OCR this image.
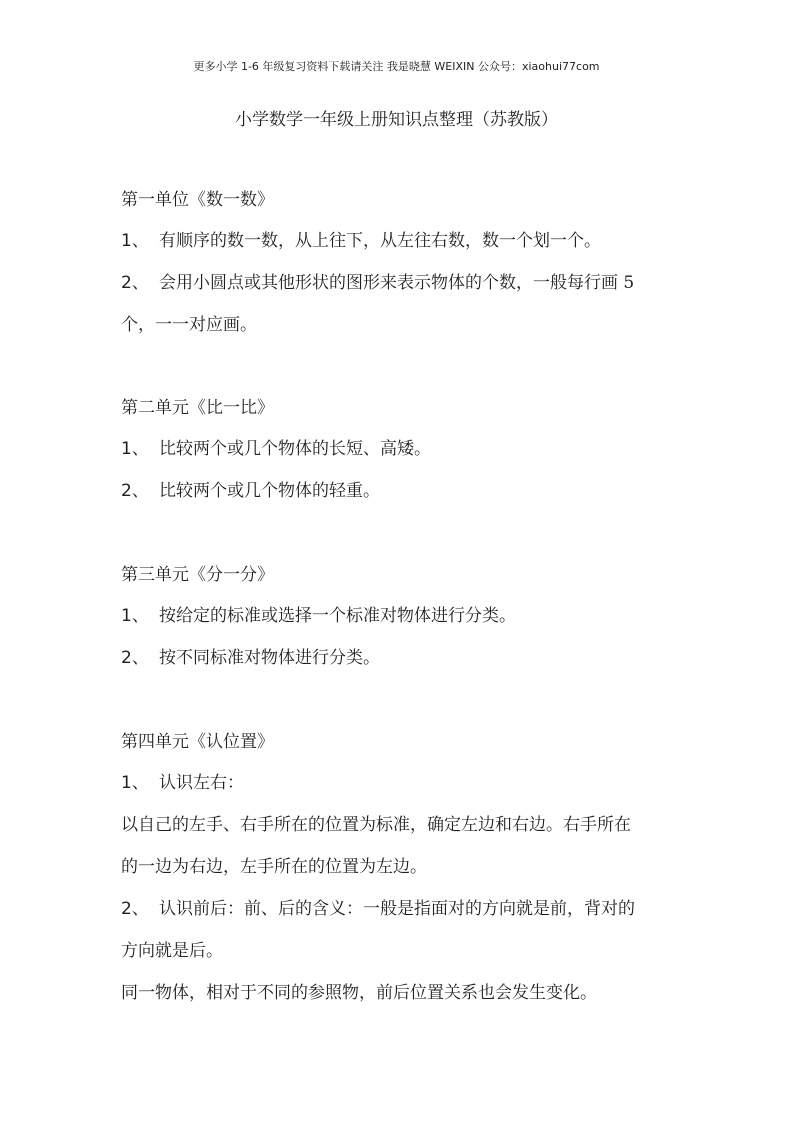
更多小学 1-6 年级复习资料下载请关注 我是晓慧 WEIXIN 公众号：xiaohui77com
小学数学一年级上册知识点整理（苏教版）
第一单位《数一数》
1、 有顺序的数一数，从上往下，从左往右数，数一个划一个。
2、 会用小圆点或其他形状的图形来表示物体的个数，一般每行画 5
个，一一对应画。
第二单元《比一比》
1、 比较两个或几个物体的长短、高矮。
2、 比较两个或几个物体的轻重。
第三单元《分一分》
1、 按给定的标准或选择一个标准对物体进行分类。
2、 按不同标准对物体进行分类。
第四单元《认位置》
1、 认识左右：
以自己的左手、右手所在的位置为标准，确定左边和右边。右手所在
的一边为右边，左手所在的位置为左边。
2、 认识前后：前、后的含义：一般是指面对的方向就是前，背对的
方向就是后。
同一物体，相对于不同的参照物，前后位置关系也会发生变化。
